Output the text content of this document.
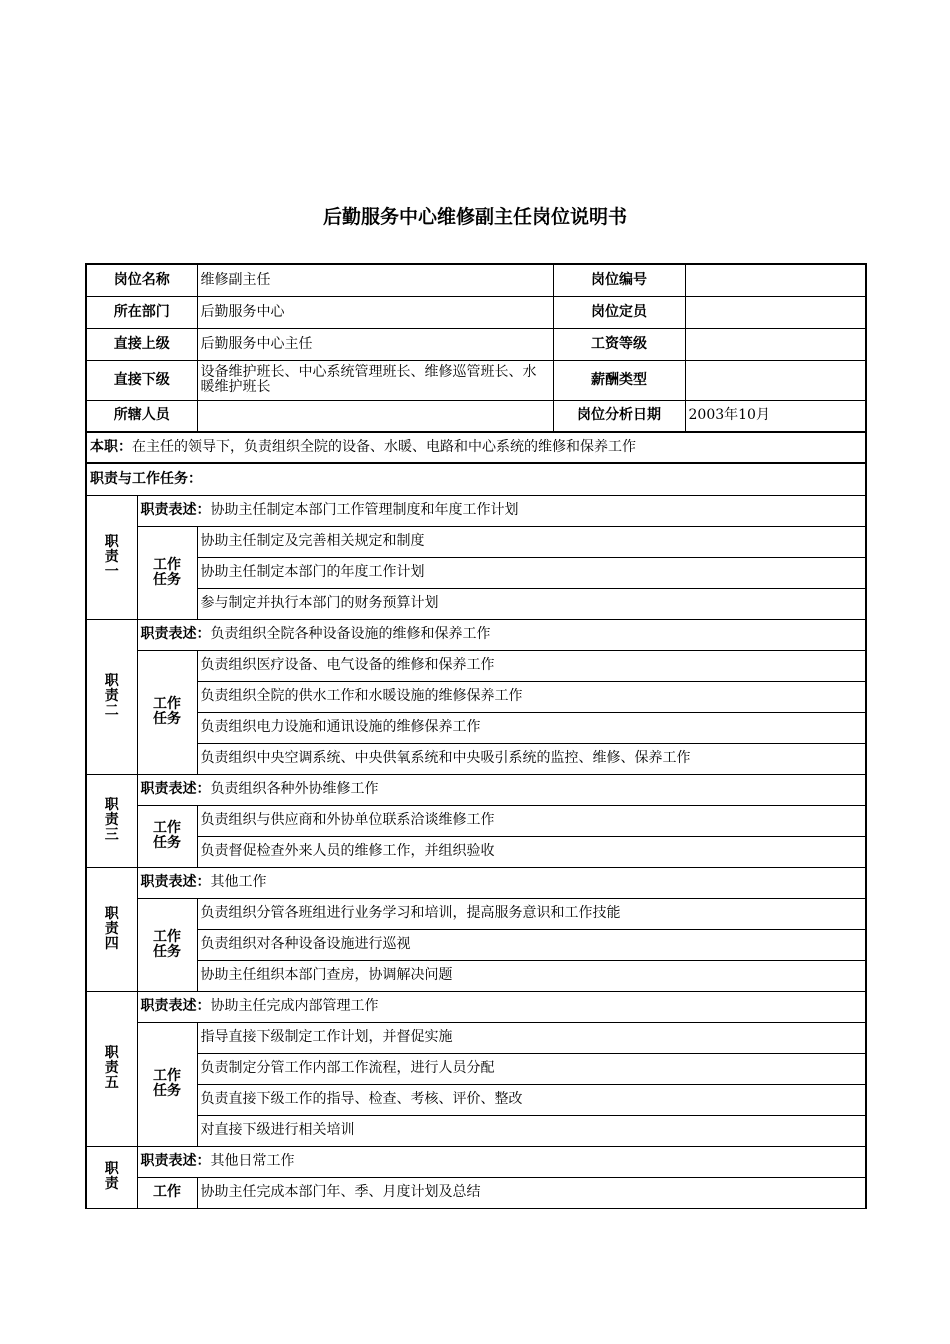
后勤服务中心维修副主任岗位说明书
岗位名称		维修副主任	岗位编号	
所在部门		后勤服务中心	岗位定员	
直接上级		后勤服务中心主任	工资等级	
直接下级		设备维护班长、中心系统管理班长、维修巡管班长、水暖维护班长	薪酬类型	
所辖人员			岗位分析日期	2003年10月
本职：在主任的领导下，负责组织全院的设备、水暖、电路和中心系统的维修和保养工作				
职责与工作任务：				

职
责
一	职责表述：协助主任制定本部门工作管理制度和年度工作计划			

	工作
任务	协助主任制定及完善相关规定和制度		
		协助主任制定本部门的年度工作计划		
		参与制定并执行本部门的财务预算计划		

职
责
二	职责表述：负责组织全院各种设备设施的维修和保养工作			

	工作
任务	负责组织医疗设备、电气设备的维修和保养工作		
		负责组织全院的供水工作和水暖设施的维修保养工作		
		负责组织电力设施和通讯设施的维修保养工作		
		负责组织中央空调系统、中央供氧系统和中央吸引系统的监控、维修、保养工作		

职
责
三	职责表述：负责组织各种外协维修工作			

	工作
任务	负责组织与供应商和外协单位联系洽谈维修工作		
		负责督促检查外来人员的维修工作，并组织验收		

职
责
四	职责表述：其他工作			

	工作
任务	负责组织分管各班组进行业务学习和培训，提高服务意识和工作技能		
		负责组织对各种设备设施进行巡视		
		协助主任组织本部门查房，协调解决问题		

职
责
五	职责表述：协助主任完成内部管理工作			

	工作
任务	指导直接下级制定工作计划，并督促实施		
		负责制定分管工作内部工作流程，进行人员分配		
		负责直接下级工作的指导、检查、考核、评价、整改		
		对直接下级进行相关培训		

职
责	职责表述：其他日常工作			

	工作	协助主任完成本部门年、季、月度计划及总结		
